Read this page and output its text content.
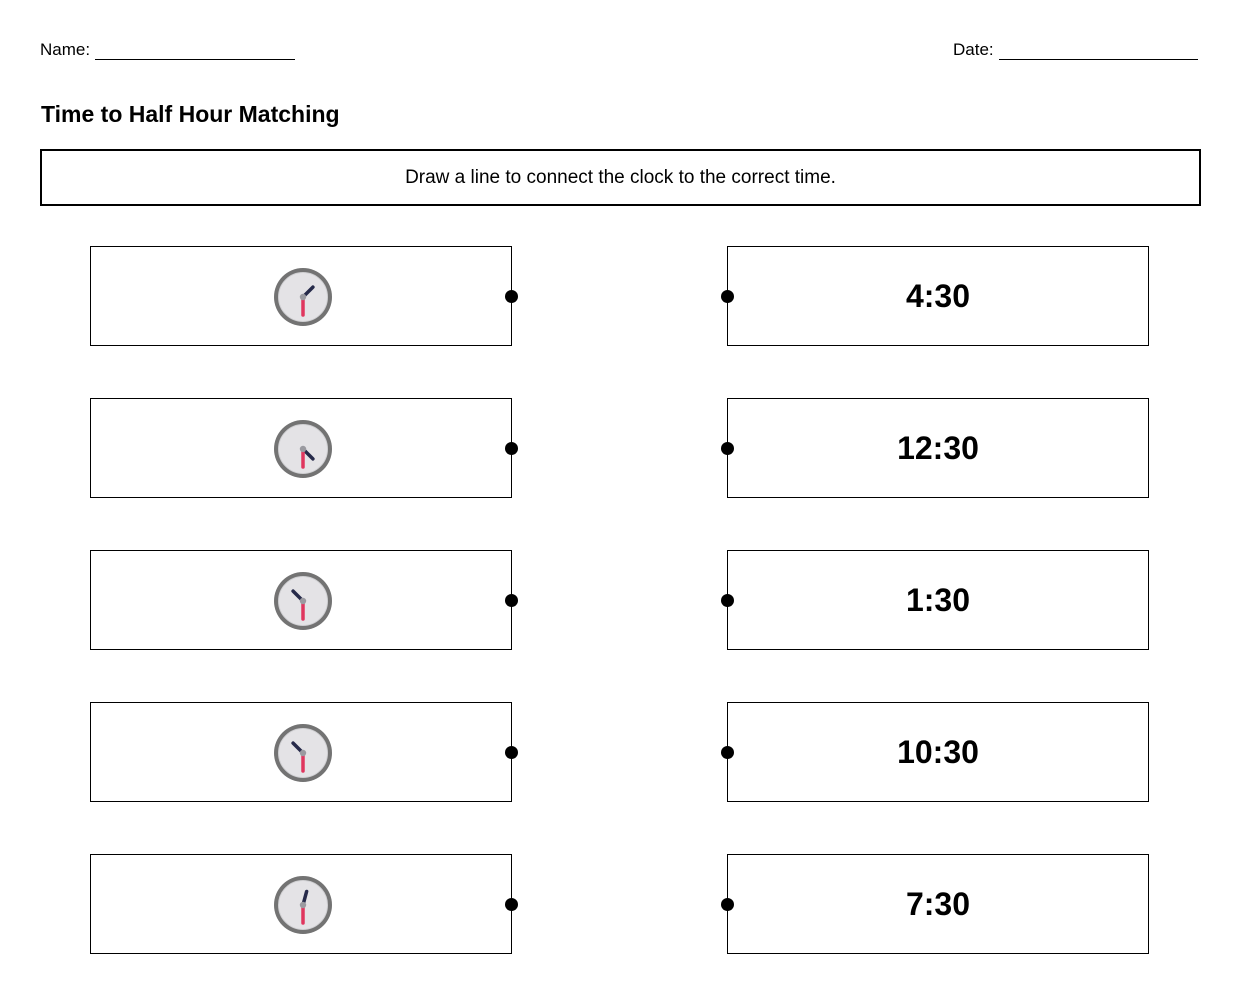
Name:	Date:
Time to Half Hour Matching
Draw a line to connect the clock to the correct time.
4:30
12:30
1:30
10:30
7:30
